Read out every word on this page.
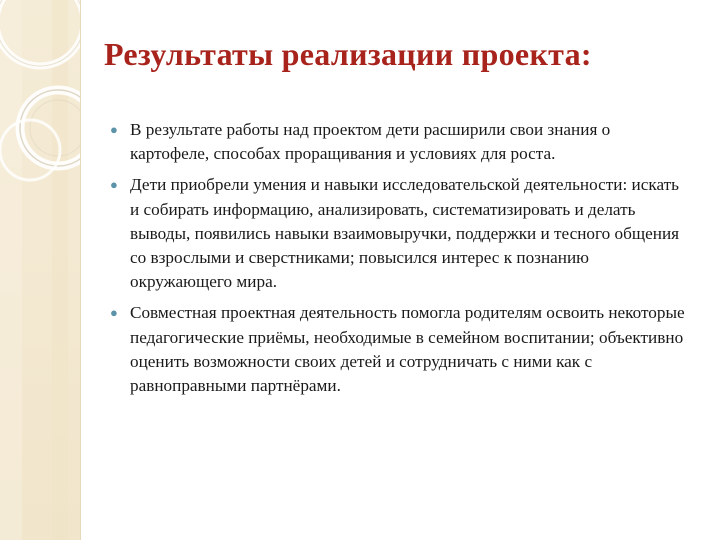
Результаты реализации проекта:
● В результате работы над проектом дети расширили свои знания о картофеле, способах проращивания и условиях для роста.
● Дети приобрели умения и навыки исследовательской деятельности: искать и собирать информацию, анализировать, систематизировать и делать выводы, появились навыки взаимовыручки, поддержки и тесного общения со взрослыми и сверстниками; повысился интерес к познанию окружающего мира.
● Совместная проектная деятельность помогла родителям освоить некоторые педагогические приёмы, необходимые в семейном воспитании; объективно оценить возможности своих детей и сотрудничать с ними как с равноправными партнёрами.
